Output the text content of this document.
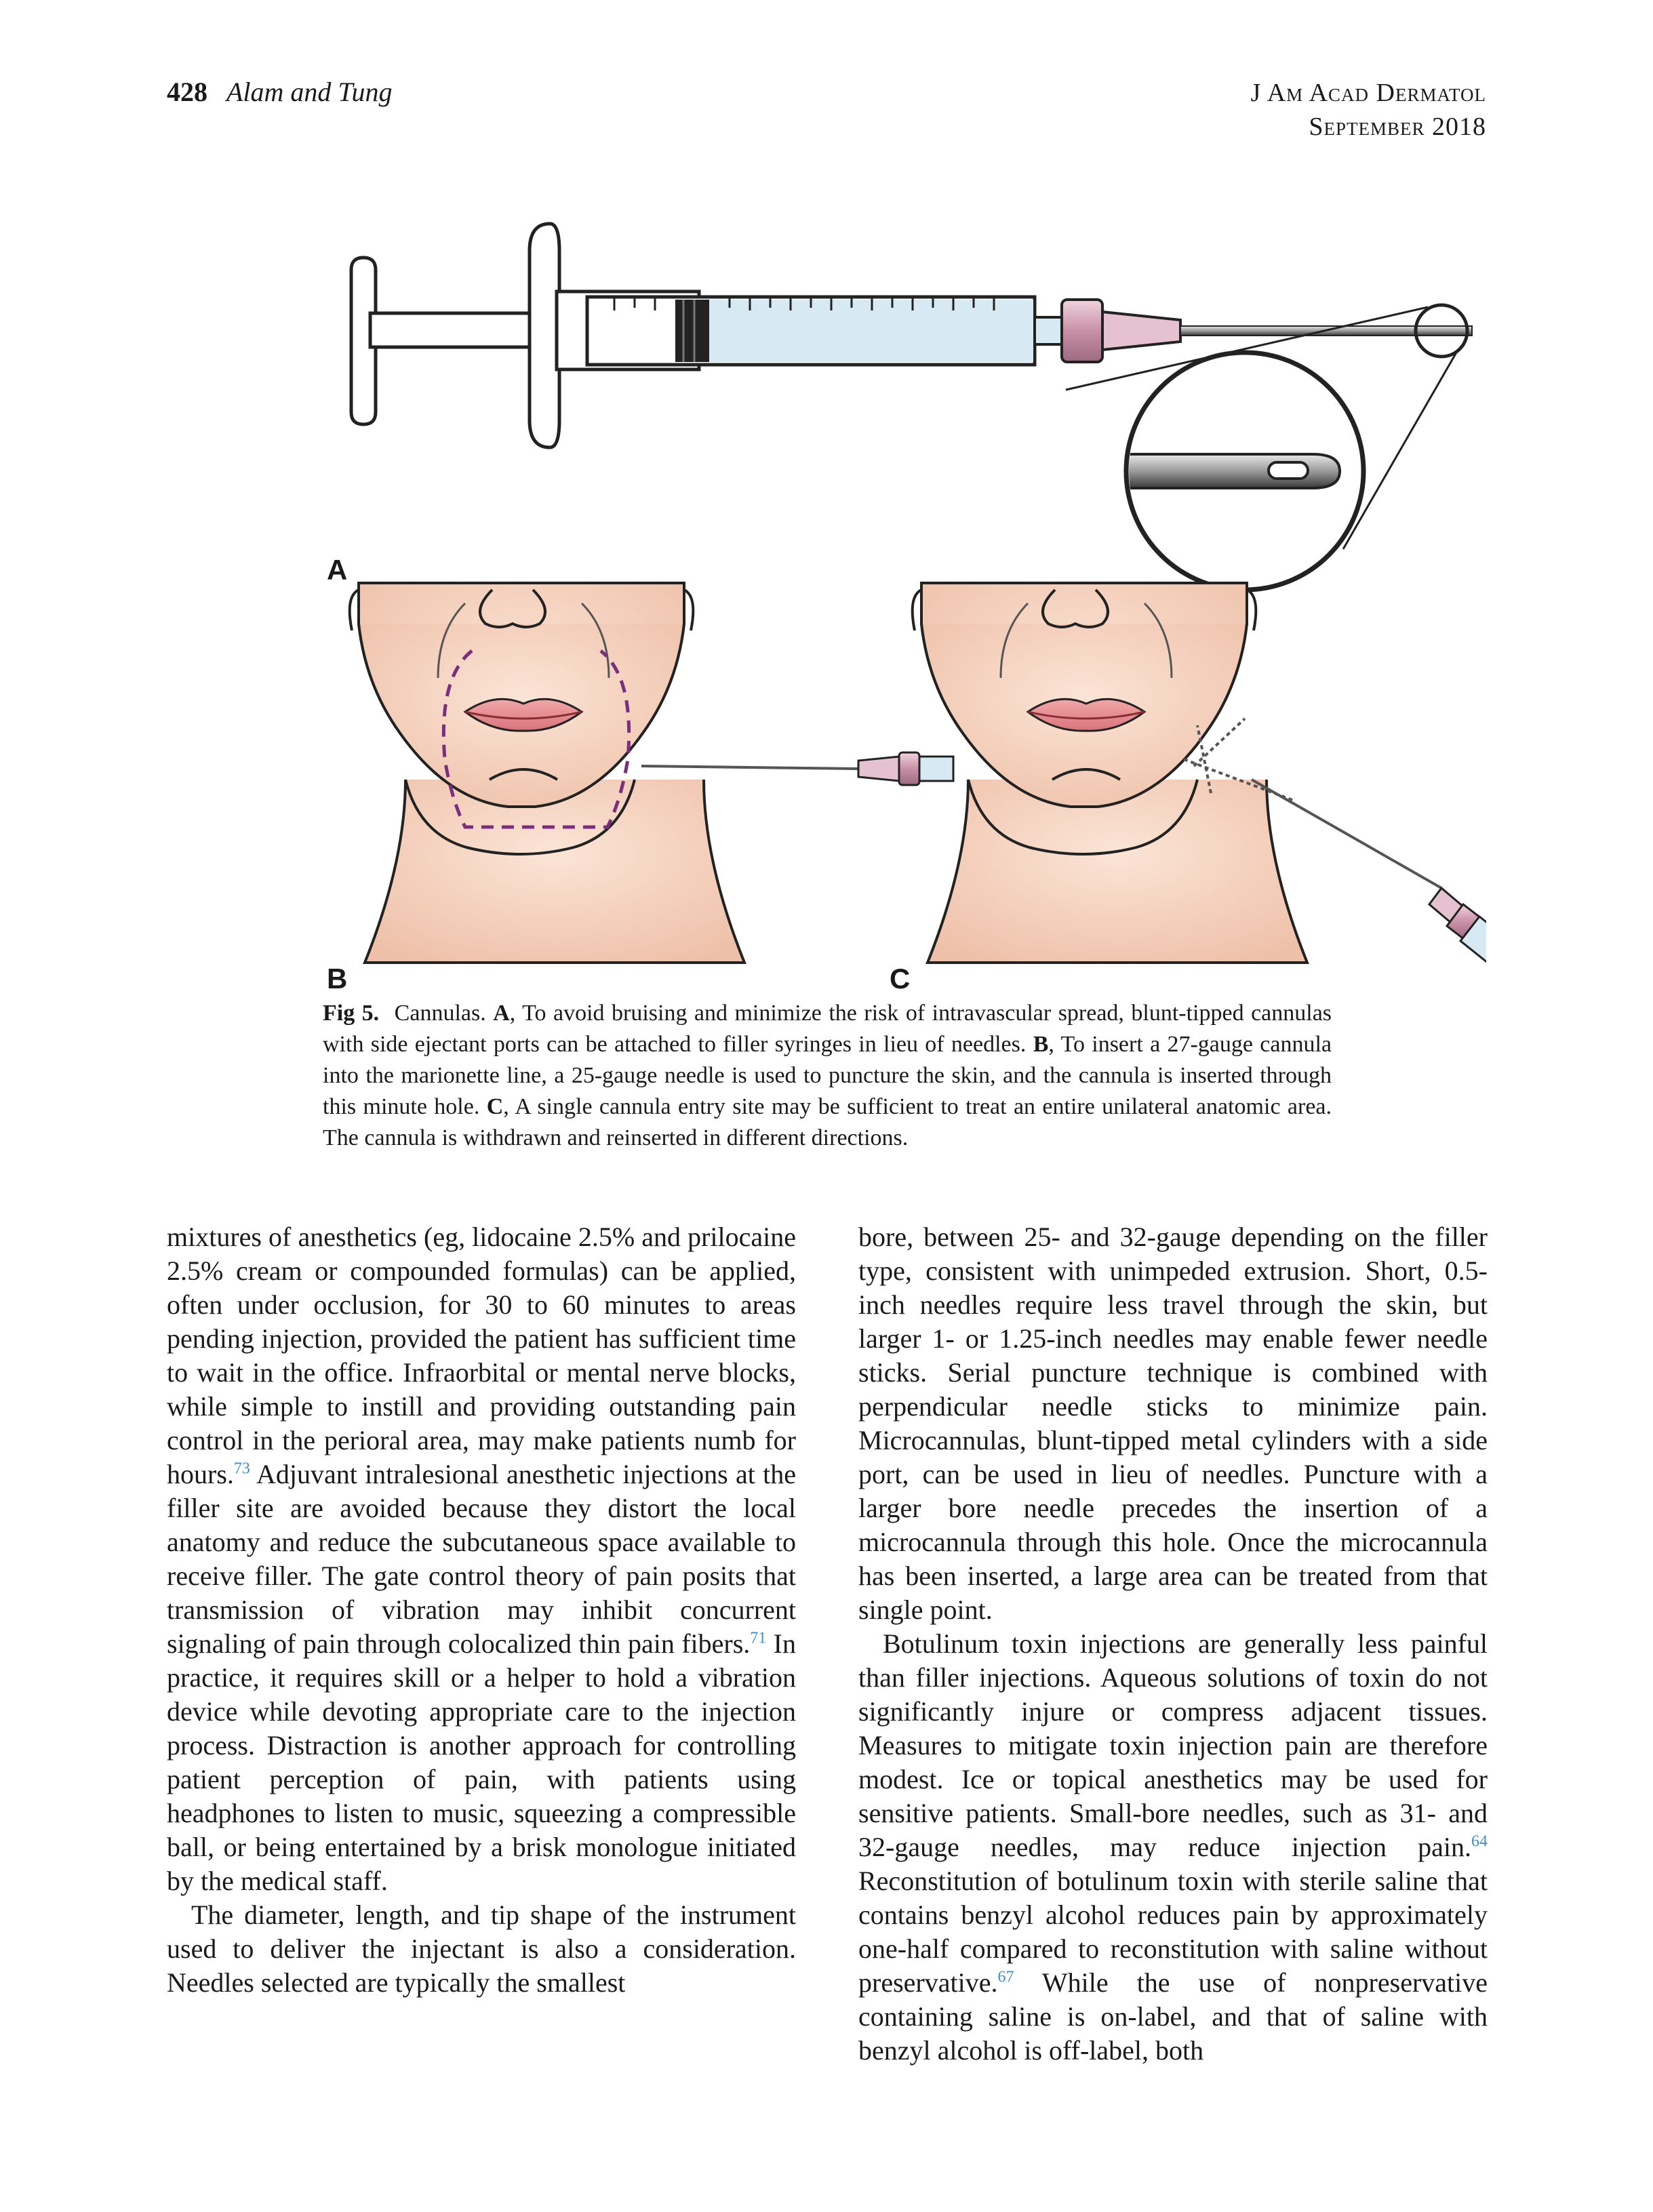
428 Alam and Tung	J Am Acad Dermatol
September 2018
A
B	C
Fig 5. Cannulas. A, To avoid bruising and minimize the risk of intravascular spread, blunt-tipped cannulas with side ejectant ports can be attached to filler syringes in lieu of needles. B, To insert a 27-gauge cannula into the marionette line, a 25-gauge needle is used to puncture the skin, and the cannula is inserted through this minute hole. C, A single cannula entry site may be sufficient to treat an entire unilateral anatomic area. The cannula is withdrawn and reinserted in different directions.

mixtures of anesthetics (eg, lidocaine 2.5% and prilocaine 2.5% cream or compounded formulas) can be applied, often under occlusion, for 30 to 60 minutes to areas pending injection, provided the patient has sufficient time to wait in the office. Infraorbital or mental nerve blocks, while simple to instill and providing outstanding pain control in the perioral area, may make patients numb for hours.$^{73}$ Adjuvant intralesional anesthetic injections at the filler site are avoided because they distort the local anatomy and reduce the subcutaneous space available to receive filler. The gate control theory of pain posits that transmission of vibration may inhibit concurrent signaling of pain through colocalized thin pain fibers.$^{71}$ In practice, it requires skill or a helper to hold a vibration device while devoting appropriate care to the injection process. Distraction is another approach for controlling patient perception of pain, with patients using headphones to listen to music, squeezing a compressible ball, or being entertained by a brisk monologue initiated by the medical staff.

The diameter, length, and tip shape of the instrument used to deliver the injectant is also a consideration. Needles selected are typically the smallest

bore, between 25- and 32-gauge depending on the filler type, consistent with unimpeded extrusion. Short, 0.5-inch needles require less travel through the skin, but larger 1- or 1.25-inch needles may enable fewer needle sticks. Serial puncture technique is combined with perpendicular needle sticks to minimize pain. Microcannulas, blunt-tipped metal cylinders with a side port, can be used in lieu of needles. Puncture with a larger bore needle precedes the insertion of a microcannula through this hole. Once the microcannula has been inserted, a large area can be treated from that single point.

Botulinum toxin injections are generally less painful than filler injections. Aqueous solutions of toxin do not significantly injure or compress adjacent tissues. Measures to mitigate toxin injection pain are therefore modest. Ice or topical anesthetics may be used for sensitive patients. Small-bore needles, such as 31- and 32-gauge needles, may reduce injection pain.$^{64}$ Reconstitution of botulinum toxin with sterile saline that contains benzyl alcohol reduces pain by approximately one-half compared to reconstitution with saline without preservative.$^{67}$ While the use of nonpreservative containing saline is on-label, and that of saline with benzyl alcohol is off-label, both
